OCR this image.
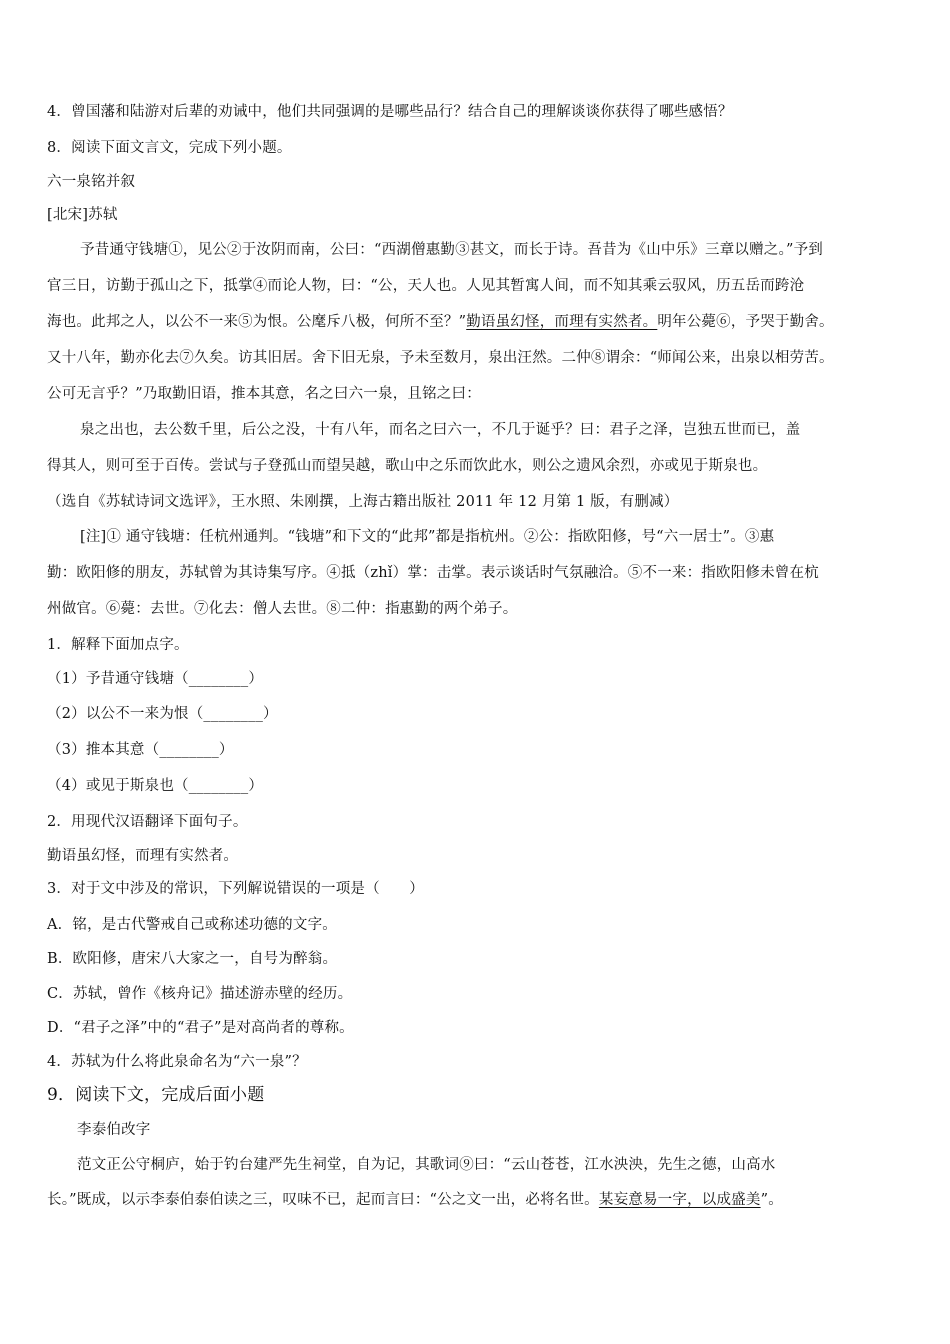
4．曾国藩和陆游对后辈的劝诫中，他们共同强调的是哪些品行？结合自己的理解谈谈你获得了哪些感悟？
8．阅读下面文言文，完成下列小题。
六一泉铭并叙
[北宋]苏轼
予昔通守钱塘①，见公②于汝阴而南，公曰：“西湖僧惠勤③甚文，而长于诗。吾昔为《山中乐》三章以赠之。”予到
官三日，访勤于孤山之下，抵掌④而论人物，曰：“公，天人也。人见其暂寓人间，而不知其乘云驭风，历五岳而跨沧
海也。此邦之人，以公不一来⑤为恨。公麾斥八极，何所不至？”勤语虽幻怪，而理有实然者。明年公薨⑥，予哭于勤舍。
又十八年，勤亦化去⑦久矣。访其旧居。舍下旧无泉，予未至数月，泉出汪然。二仲⑧谓余：“师闻公来，出泉以相劳苦。
公可无言乎？”乃取勤旧语，推本其意，名之曰六一泉，且铭之曰：
泉之出也，去公数千里，后公之没，十有八年，而名之曰六一，不几于诞乎？曰：君子之泽，岂独五世而已，盖
得其人，则可至于百传。尝试与子登孤山而望吴越，歌山中之乐而饮此水，则公之遗风余烈，亦或见于斯泉也。
（选自《苏轼诗词文选评》，王水照、朱刚撰，上海古籍出版社 2011 年 12 月第 1 版，有删减）
[注]① 通守钱塘：任杭州通判。“钱塘”和下文的“此邦”都是指杭州。②公：指欧阳修，号“六一居士”。③惠
勤：欧阳修的朋友，苏轼曾为其诗集写序。④抵（zhǐ）掌：击掌。表示谈话时气氛融洽。⑤不一来：指欧阳修未曾在杭
州做官。⑥薨：去世。⑦化去：僧人去世。⑧二仲：指惠勤的两个弟子。
1．解释下面加点字。
（1）予昔通守钱塘（________）
（2）以公不一来为恨（________）
（3）推本其意（________）
（4）或见于斯泉也（________）
2．用现代汉语翻译下面句子。
勤语虽幻怪，而理有实然者。
3．对于文中涉及的常识，下列解说错误的一项是（　　）
A．铭，是古代警戒自己或称述功德的文字。
B．欧阳修，唐宋八大家之一，自号为醉翁。
C．苏轼，曾作《核舟记》描述游赤壁的经历。
D．“君子之泽”中的“君子”是对高尚者的尊称。
4．苏轼为什么将此泉命名为“六一泉”？
9．阅读下文，完成后面小题
李泰伯改字
范文正公守桐庐，始于钓台建严先生祠堂，自为记，其歌词⑨曰：“云山苍苍，江水泱泱，先生之德，山高水
长。”既成，以示李泰伯泰伯读之三，叹味不已，起而言曰：“公之文一出，必将名世。某妄意易一字，以成盛美”。
